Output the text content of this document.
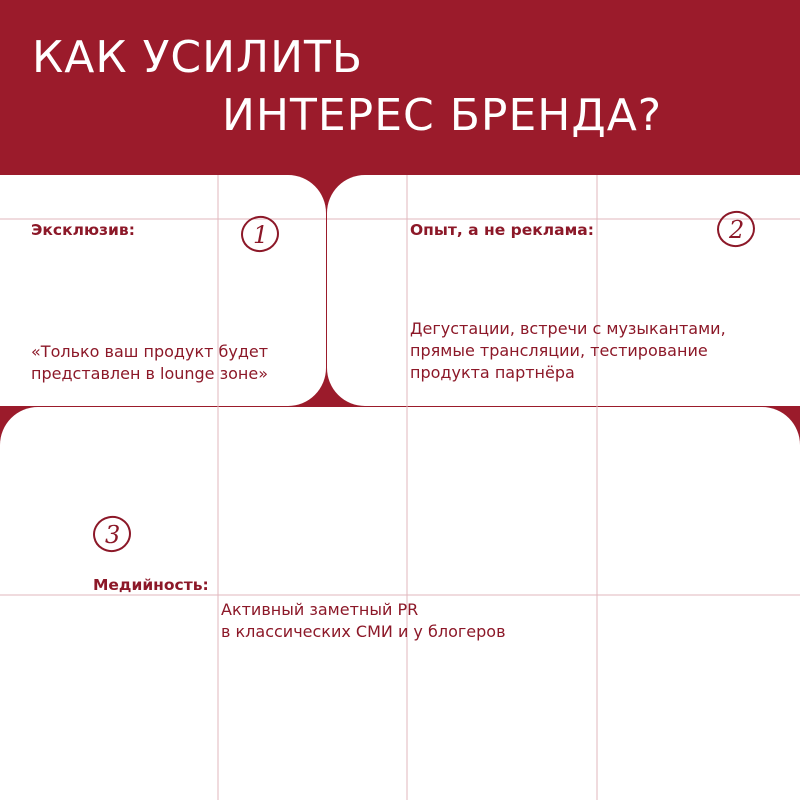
КАК УСИЛИТЬ
ИНТЕРЕС БРЕНДА?
Эксклюзив:	1
«Только ваш продукт будет
представлен в lounge зоне»
Опыт, а не реклама:	2
Дегустации, встречи с музыкантами,
прямые трансляции, тестирование
продукта партнёра
3
Медийность:
Активный заметный PR
в классических СМИ и у блогеров
